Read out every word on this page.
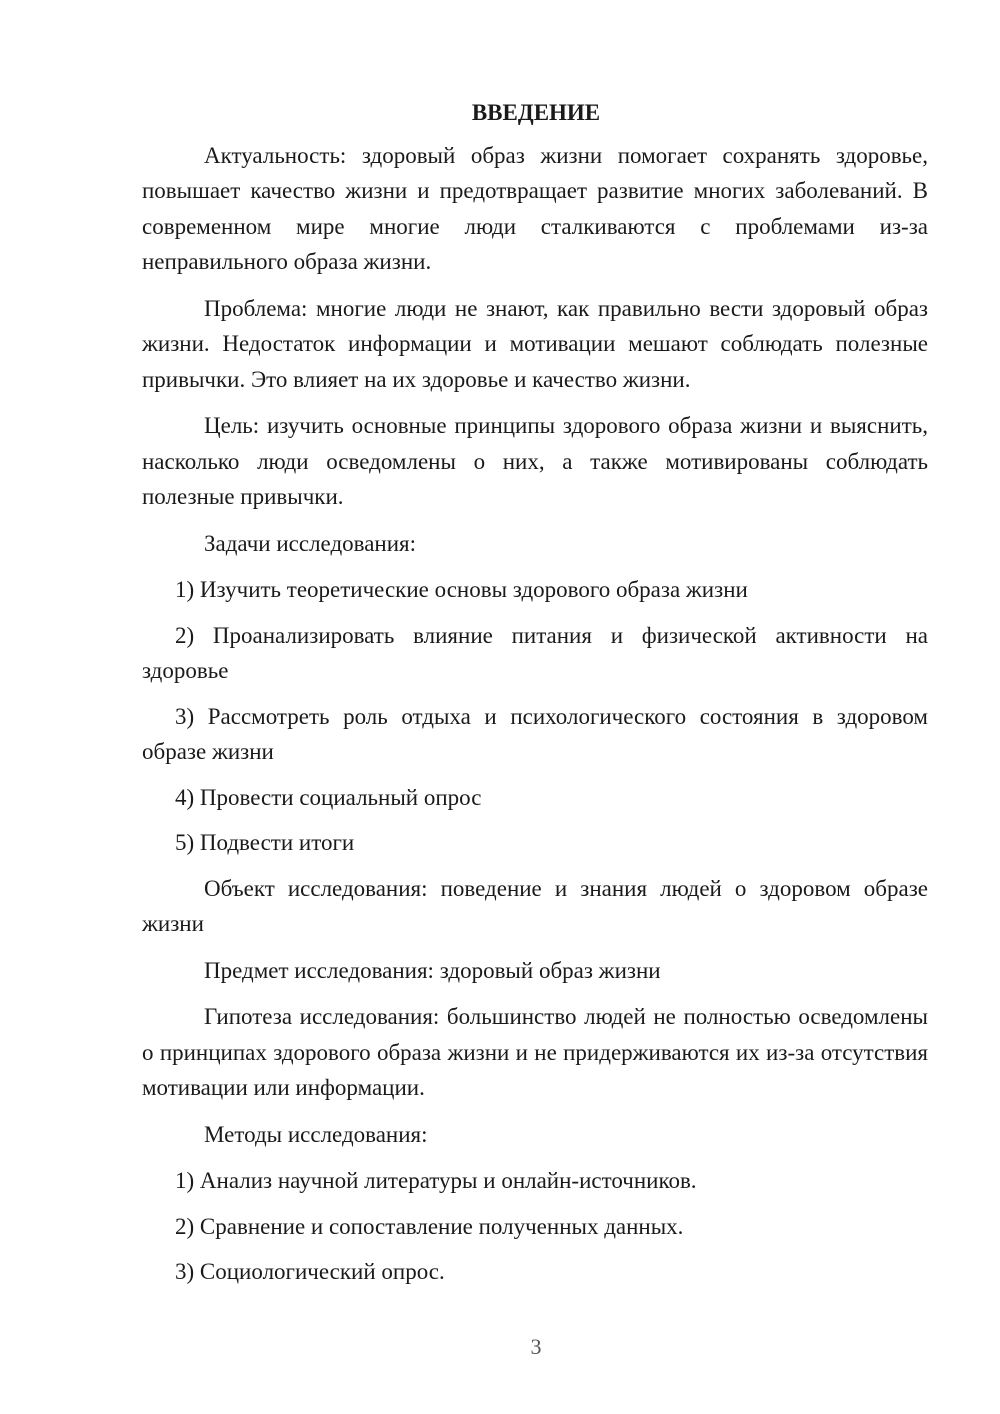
ВВЕДЕНИЕ

Актуальность: здоровый образ жизни помогает сохранять здоровье, повышает качество жизни и предотвращает развитие многих заболеваний. В современном мире многие люди сталкиваются с проблемами из-за неправильного образа жизни.

Проблема: многие люди не знают, как правильно вести здоровый образ жизни. Недостаток информации и мотивации мешают соблюдать полезные привычки. Это влияет на их здоровье и качество жизни.

Цель: изучить основные принципы здорового образа жизни и выяснить, насколько люди осведомлены о них, а также мотивированы соблюдать полезные привычки.

Задачи исследования:

1) Изучить теоретические основы здорового образа жизни

2) Проанализировать влияние питания и физической активности на здоровье

3) Рассмотреть роль отдыха и психологического состояния в здоровом образе жизни

4) Провести социальный опрос

5) Подвести итоги

Объект исследования: поведение и знания людей о здоровом образе жизни

Предмет исследования: здоровый образ жизни

Гипотеза исследования: большинство людей не полностью осведомлены о принципах здорового образа жизни и не придерживаются их из-за отсутствия мотивации или информации.

Методы исследования:

1) Анализ научной литературы и онлайн-источников.

2) Сравнение и сопоставление полученных данных.

3) Социологический опрос.

3
